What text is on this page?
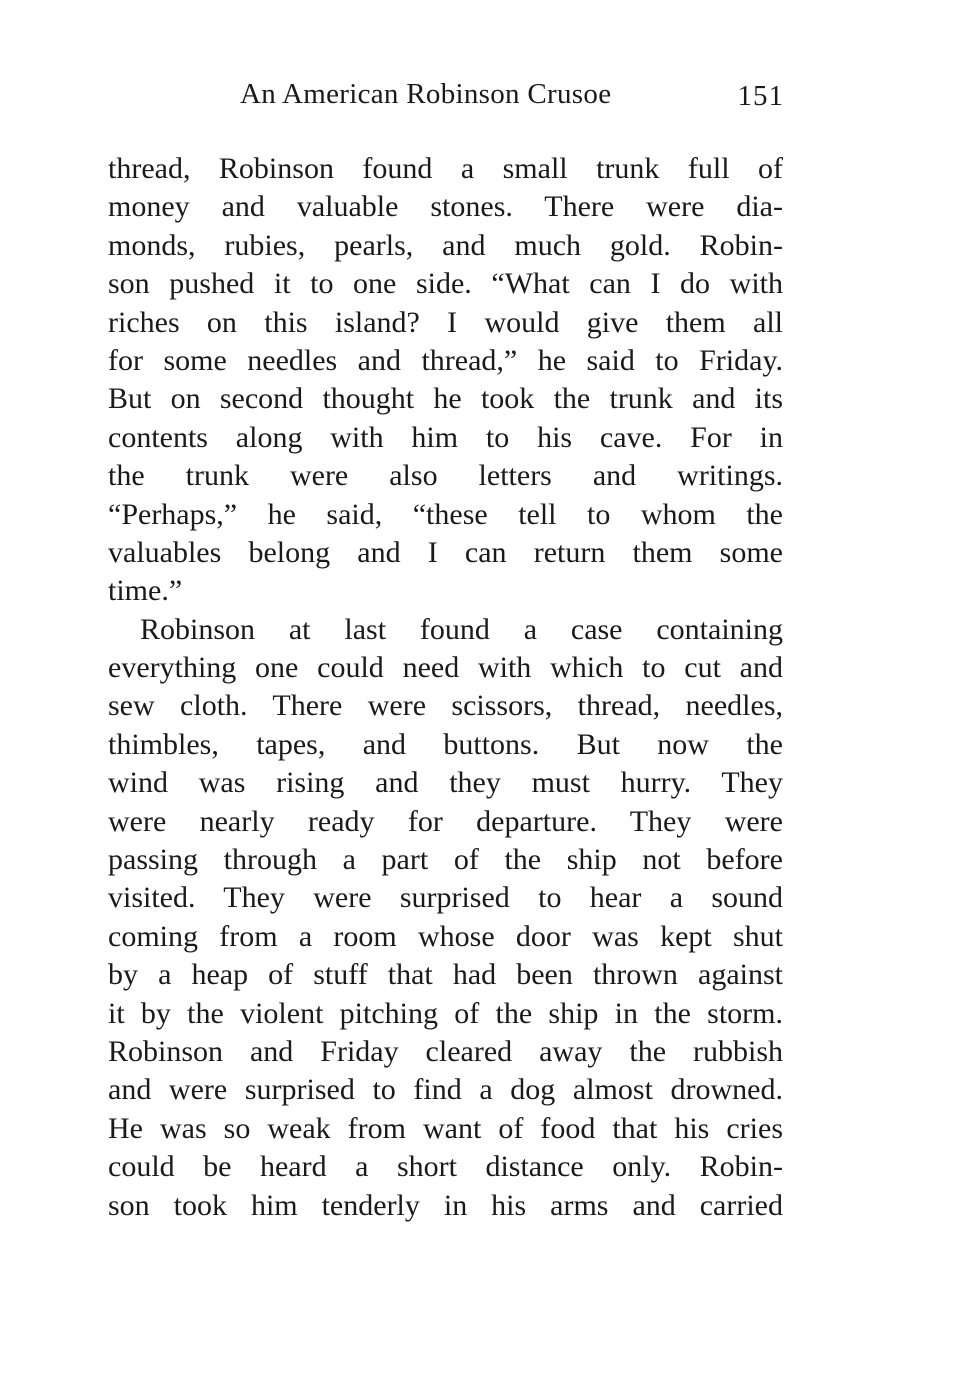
An American Robinson Crusoe	151
thread, Robinson found a small trunk full of
money and valuable stones. There were dia-
monds, rubies, pearls, and much gold. Robin-
son pushed it to one side. “What can I do with
riches on this island? I would give them all
for some needles and thread,” he said to Friday.
But on second thought he took the trunk and its
contents along with him to his cave. For in
the trunk were also letters and writings.
“Perhaps,” he said, “these tell to whom the
valuables belong and I can return them some
time.”
Robinson at last found a case containing
everything one could need with which to cut and
sew cloth. There were scissors, thread, needles,
thimbles, tapes, and buttons. But now the
wind was rising and they must hurry. They
were nearly ready for departure. They were
passing through a part of the ship not before
visited. They were surprised to hear a sound
coming from a room whose door was kept shut
by a heap of stuff that had been thrown against
it by the violent pitching of the ship in the storm.
Robinson and Friday cleared away the rubbish
and were surprised to find a dog almost drowned.
He was so weak from want of food that his cries
could be heard a short distance only. Robin-
son took him tenderly in his arms and carried
